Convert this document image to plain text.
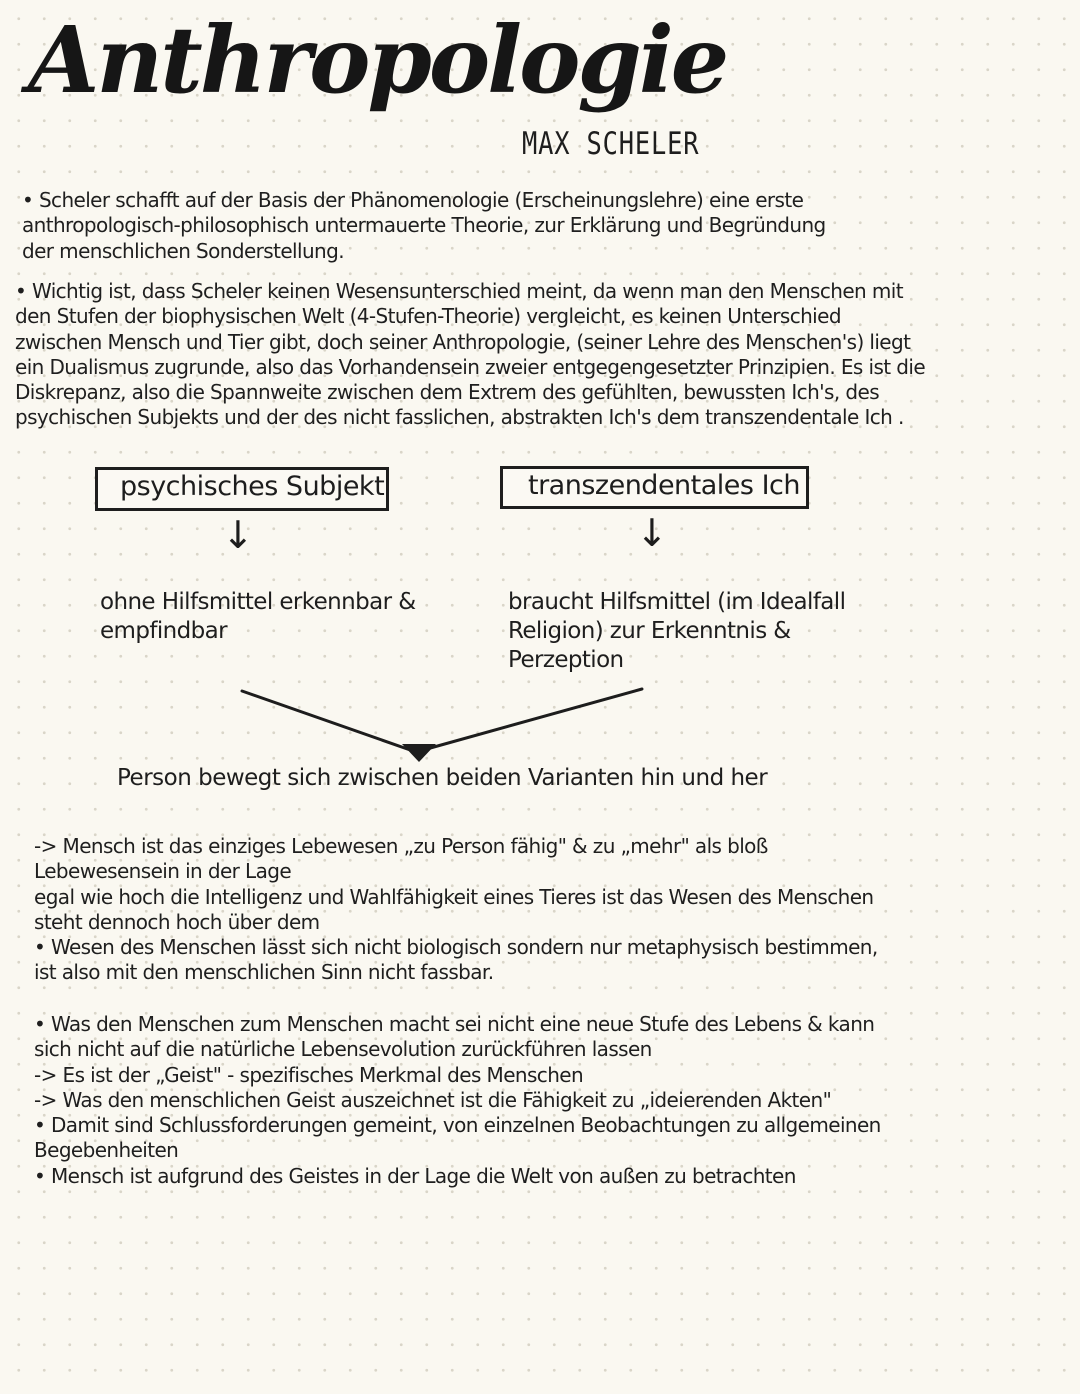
Anthropologie
MAX SCHELER

• Scheler schafft auf der Basis der Phänomenologie (Erscheinungslehre) eine erste

anthropologisch-philosophisch untermauerte Theorie, zur Erklärung und Begründung

der menschlichen Sonderstellung.

• Wichtig ist, dass Scheler keinen Wesensunterschied meint, da wenn man den Menschen mit

den Stufen der biophysischen Welt (4-Stufen-Theorie) vergleicht, es keinen Unterschied

zwischen Mensch und Tier gibt, doch seiner Anthropologie, (seiner Lehre des Menschen's) liegt

ein Dualismus zugrunde, also das Vorhandensein zweier entgegengesetzter Prinzipien. Es ist die

Diskrepanz, also die Spannweite zwischen dem Extrem des gefühlten, bewussten Ich's, des

psychischen Subjekts und der des nicht fasslichen, abstrakten Ich's dem transzendentale Ich .

psychisches Subjekt	transzendentales Ich
↓	↓

ohne Hilfsmittel erkennbar &

empfindbar

braucht Hilfsmittel (im Idealfall

Religion) zur Erkenntnis &

Perzeption

Person bewegt sich zwischen beiden Varianten hin und her

-> Mensch ist das einziges Lebewesen „zu Person fähig" & zu „mehr" als bloß

Lebewesensein in der Lage

egal wie hoch die Intelligenz und Wahlfähigkeit eines Tieres ist das Wesen des Menschen

steht dennoch hoch über dem

• Wesen des Menschen lässt sich nicht biologisch sondern nur metaphysisch bestimmen,

ist also mit den menschlichen Sinn nicht fassbar.

• Was den Menschen zum Menschen macht sei nicht eine neue Stufe des Lebens & kann

sich nicht auf die natürliche Lebensevolution zurückführen lassen

-> Es ist der „Geist" - spezifisches Merkmal des Menschen

-> Was den menschlichen Geist auszeichnet ist die Fähigkeit zu „ideierenden Akten"

• Damit sind Schlussforderungen gemeint, von einzelnen Beobachtungen zu allgemeinen

Begebenheiten

• Mensch ist aufgrund des Geistes in der Lage die Welt von außen zu betrachten
